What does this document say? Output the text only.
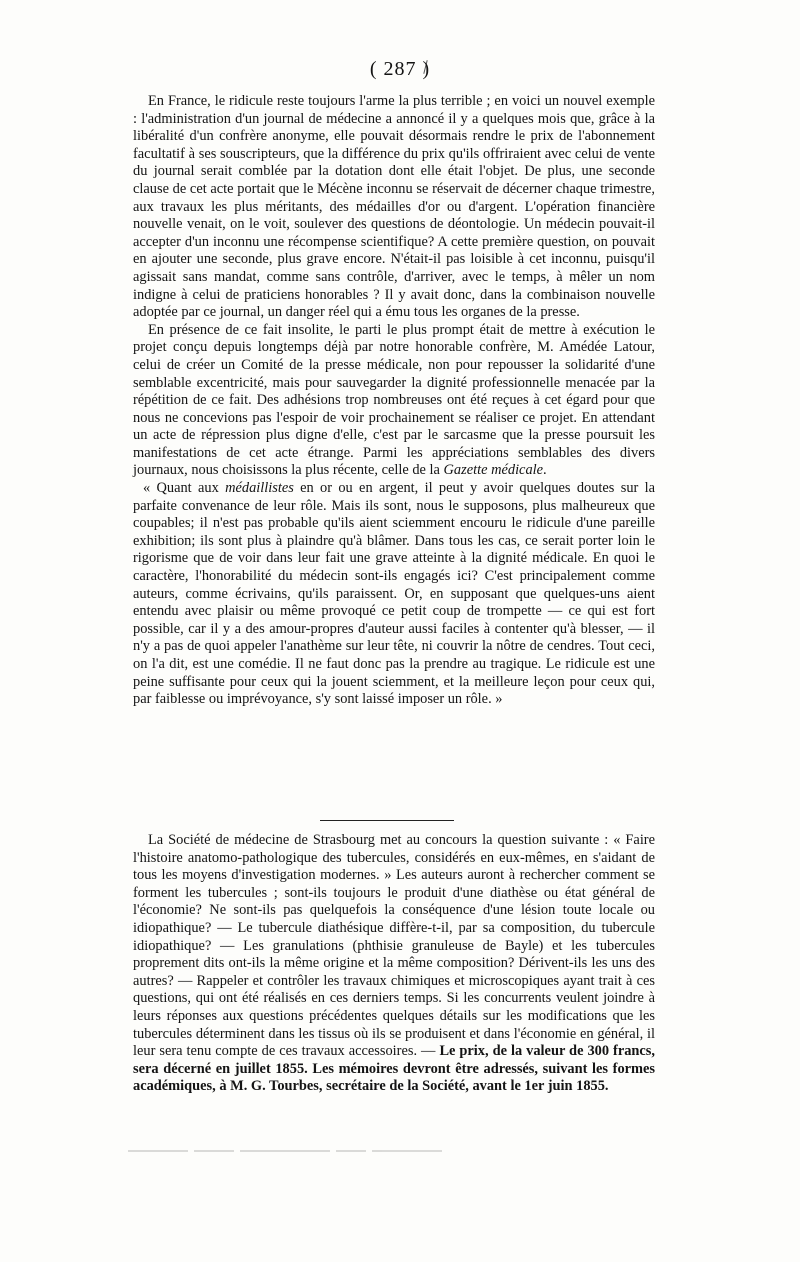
( 287 )

En France, le ridicule reste toujours l'arme la plus terrible ; en voici un nouvel exemple : l'administration d'un journal de médecine a annoncé il y a quelques mois que, grâce à la libéralité d'un confrère anonyme, elle pouvait désormais rendre le prix de l'abonnement facultatif à ses souscripteurs, que la différence du prix qu'ils offriraient avec celui de vente du journal serait comblée par la dotation dont elle était l'objet. De plus, une seconde clause de cet acte portait que le Mécène inconnu se réservait de décerner chaque trimestre, aux travaux les plus méritants, des médailles d'or ou d'argent. L'opération financière nouvelle venait, on le voit, soulever des questions de déontologie. Un médecin pouvait-il accepter d'un inconnu une récompense scientifique? A cette première question, on pouvait en ajouter une seconde, plus grave encore. N'était-il pas loisible à cet inconnu, puisqu'il agissait sans mandat, comme sans contrôle, d'arriver, avec le temps, à mêler un nom indigne à celui de praticiens honorables ? Il y avait donc, dans la combinaison nouvelle adoptée par ce journal, un danger réel qui a ému tous les organes de la presse.

En présence de ce fait insolite, le parti le plus prompt était de mettre à exécution le projet conçu depuis longtemps déjà par notre honorable confrère, M. Amédée Latour, celui de créer un Comité de la presse médicale, non pour repousser la solidarité d'une semblable excentricité, mais pour sauvegarder la dignité professionnelle menacée par la répétition de ce fait. Des adhésions trop nombreuses ont été reçues à cet égard pour que nous ne concevions pas l'espoir de voir prochainement se réaliser ce projet. En attendant un acte de répression plus digne d'elle, c'est par le sarcasme que la presse poursuit les manifestations de cet acte étrange. Parmi les appréciations semblables des divers journaux, nous choisissons la plus récente, celle de la Gazette médicale.

« Quant aux médaillistes en or ou en argent, il peut y avoir quelques doutes sur la parfaite convenance de leur rôle. Mais ils sont, nous le supposons, plus malheureux que coupables; il n'est pas probable qu'ils aient sciemment encouru le ridicule d'une pareille exhibition; ils sont plus à plaindre qu'à blâmer. Dans tous les cas, ce serait porter loin le rigorisme que de voir dans leur fait une grave atteinte à la dignité médicale. En quoi le caractère, l'honorabilité du médecin sont-ils engagés ici? C'est principalement comme auteurs, comme écrivains, qu'ils paraissent. Or, en supposant que quelques-uns aient entendu avec plaisir ou même provoqué ce petit coup de trompette — ce qui est fort possible, car il y a des amour-propres d'auteur aussi faciles à contenter qu'à blesser, — il n'y a pas de quoi appeler l'anathème sur leur tête, ni couvrir la nôtre de cendres. Tout ceci, on l'a dit, est une comédie. Il ne faut donc pas la prendre au tragique. Le ridicule est une peine suffisante pour ceux qui la jouent sciemment, et la meilleure leçon pour ceux qui, par faiblesse ou imprévoyance, s'y sont laissé imposer un rôle. »

La Société de médecine de Strasbourg met au concours la question suivante : « Faire l'histoire anatomo-pathologique des tubercules, considérés en eux-mêmes, en s'aidant de tous les moyens d'investigation modernes. » Les auteurs auront à rechercher comment se forment les tubercules ; sont-ils toujours le produit d'une diathèse ou état général de l'économie? Ne sont-ils pas quelquefois la conséquence d'une lésion toute locale ou idiopathique? — Le tubercule diathésique diffère-t-il, par sa composition, du tubercule idiopathique? — Les granulations (phthisie granuleuse de Bayle) et les tubercules proprement dits ont-ils la même origine et la même composition? Dérivent-ils les uns des autres? — Rappeler et contrôler les travaux chimiques et microscopiques ayant trait à ces questions, qui ont été réalisés en ces derniers temps. Si les concurrents veulent joindre à leurs réponses aux questions précédentes quelques détails sur les modifications que les tubercules déterminent dans les tissus où ils se produisent et dans l'économie en général, il leur sera tenu compte de ces travaux accessoires. — Le prix, de la valeur de 300 francs, sera décerné en juillet 1855. Les mémoires devront être adressés, suivant les formes académiques, à M. G. Tourbes, secrétaire de la Société, avant le 1er juin 1855.
